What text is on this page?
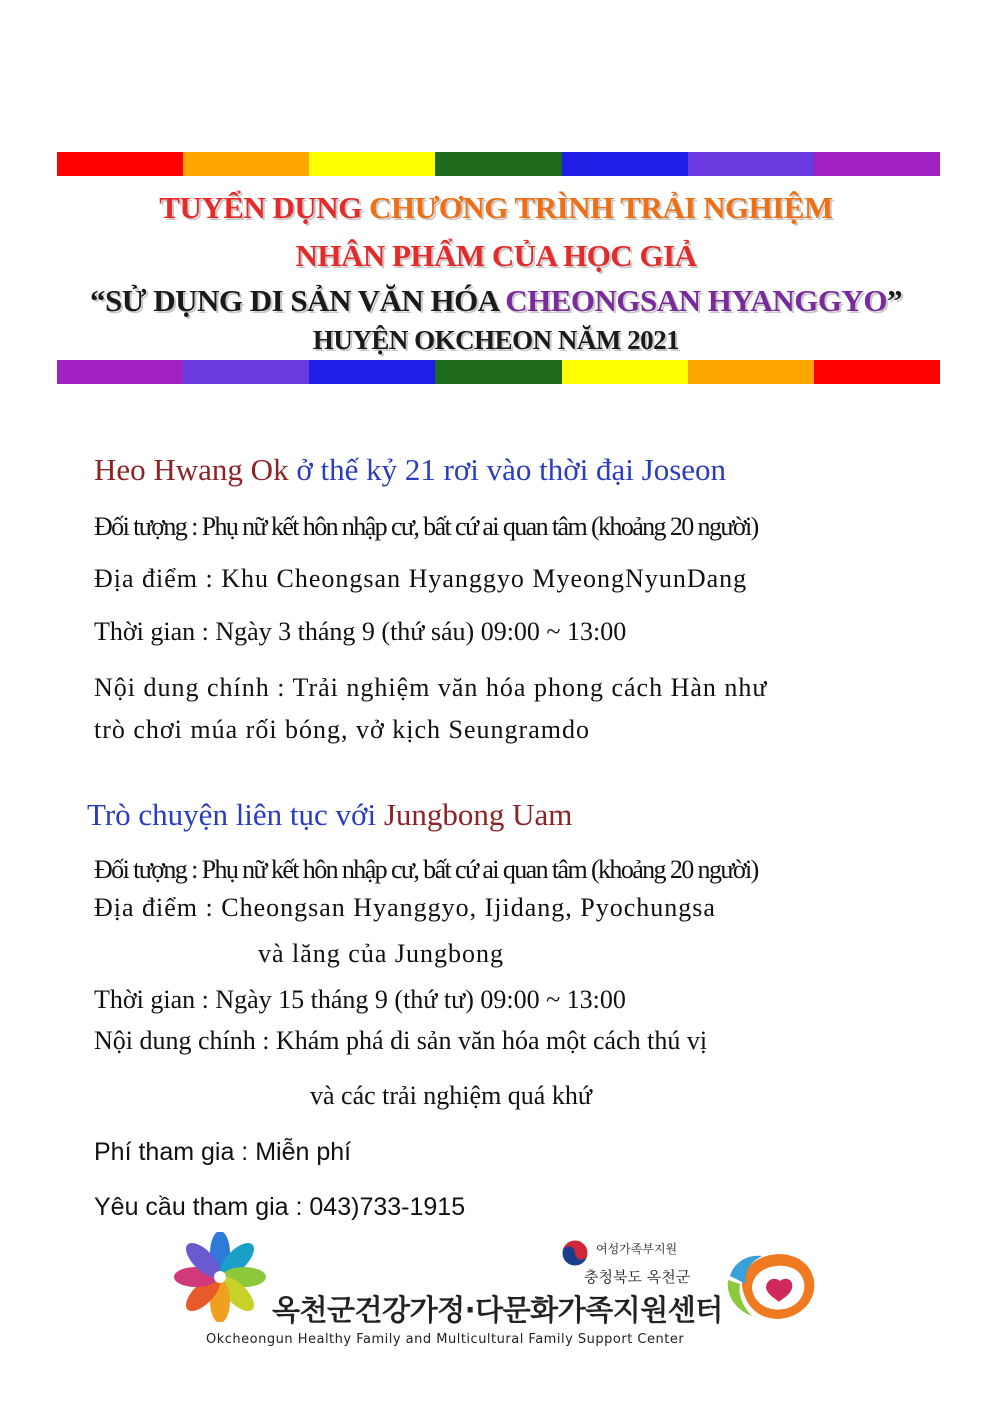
TUYỂN DỤNG CHƯƠNG TRÌNH TRẢI NGHIỆM
NHÂN PHẨM CỦA HỌC GIẢ
“SỬ DỤNG DI SẢN VĂN HÓA CHEONGSAN HYANGGYO”
HUYỆN OKCHEON NĂM 2021
Heo Hwang Ok ở thế kỷ 21 rơi vào thời đại Joseon
Đối tượng : Phụ nữ kết hôn nhập cư, bất cứ ai quan tâm (khoảng 20 người)
Địa điểm : Khu Cheongsan Hyanggyo MyeongNyunDang
Thời gian : Ngày 3 tháng 9 (thứ sáu) 09:00 ~ 13:00
Nội dung chính : Trải nghiệm văn hóa phong cách Hàn như
trò chơi múa rối bóng, vở kịch Seungramdo
Trò chuyện liên tục với Jungbong Uam
Đối tượng : Phụ nữ kết hôn nhập cư, bất cứ ai quan tâm (khoảng 20 người)
Địa điểm : Cheongsan Hyanggyo, Ijidang, Pyochungsa
và lăng của Jungbong
Thời gian : Ngày 15 tháng 9 (thứ tư) 09:00 ~ 13:00
Nội dung chính : Khám phá di sản văn hóa một cách thú vị
và các trải nghiệm quá khứ
Phí tham gia : Miễn phí
Yêu cầu tham gia : 043)733-1915
여성가족부지원
충청북도 옥천군
옥천군건강가정·다문화가족지원센터
Okcheongun Healthy Family and Multicultural Family Support Center
